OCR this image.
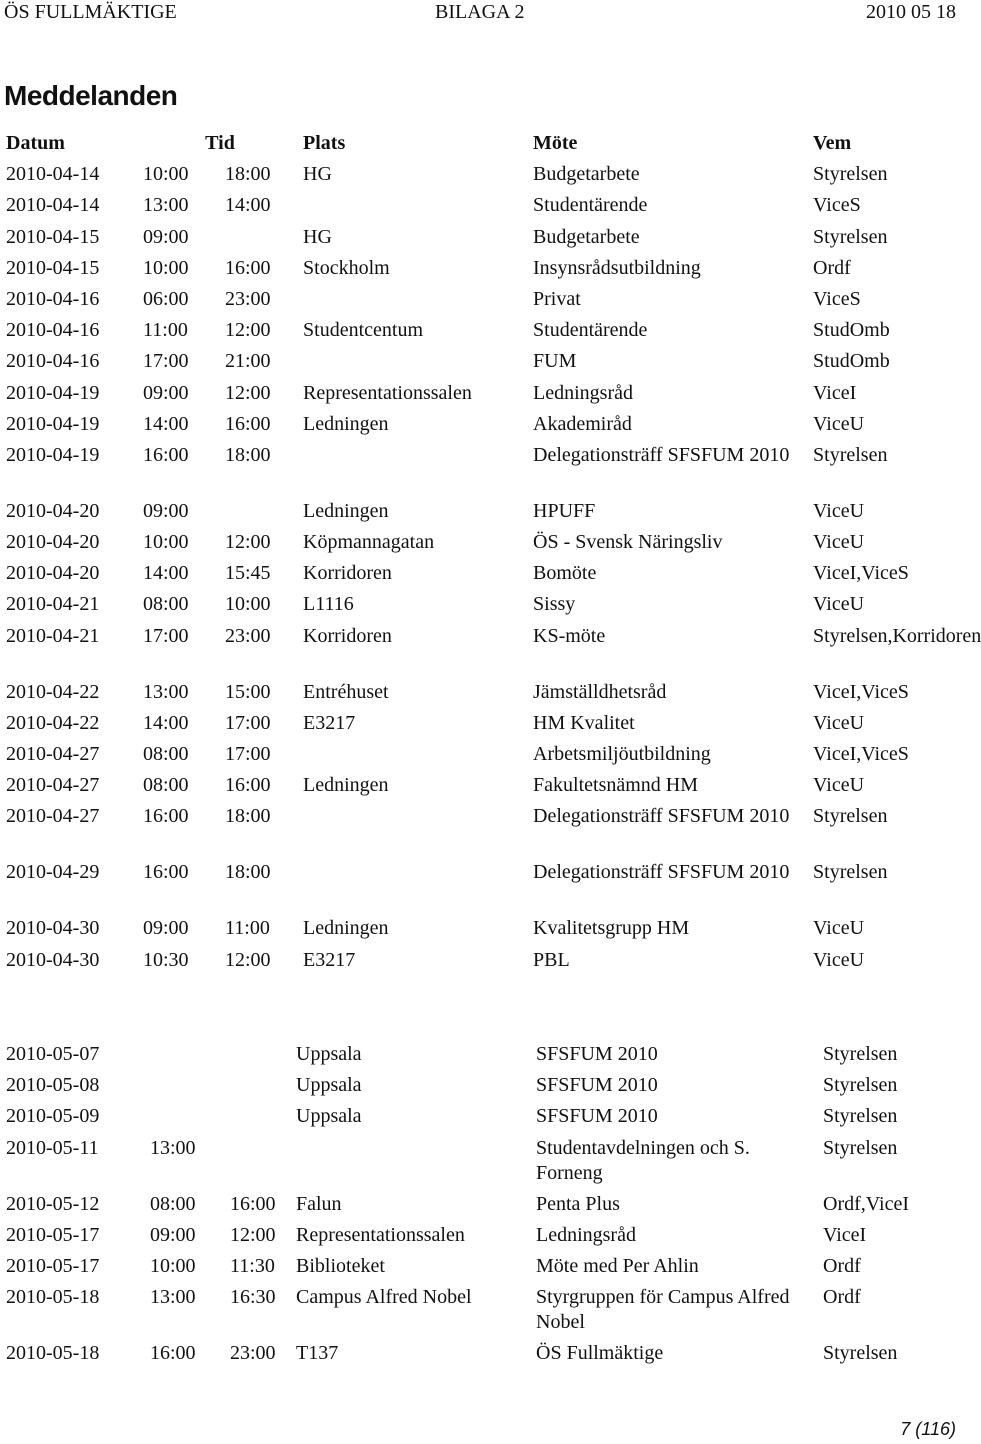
ÖS FULLMÄKTIGE	BILAGA 2	2010 05 18
Meddelanden
Datum	Tid		Plats	Möte	Vem
2010-04-14	10:00	18:00	HG	Budgetarbete	Styrelsen
2010-04-14	13:00	14:00		Studentärende	ViceS
2010-04-15	09:00		HG	Budgetarbete	Styrelsen
2010-04-15	10:00	16:00	Stockholm	Insynsrådsutbildning	Ordf
2010-04-16	06:00	23:00		Privat	ViceS
2010-04-16	11:00	12:00	Studentcentum	Studentärende	StudOmb
2010-04-16	17:00	21:00		FUM	StudOmb
2010-04-19	09:00	12:00	Representationssalen	Ledningsråd	ViceI
2010-04-19	14:00	16:00	Ledningen	Akademiråd	ViceU
2010-04-19	16:00	18:00		Delegationsträff SFSFUM 2010	Styrelsen
2010-04-20	09:00		Ledningen	HPUFF	ViceU
2010-04-20	10:00	12:00	Köpmannagatan	ÖS - Svensk Näringsliv	ViceU
2010-04-20	14:00	15:45	Korridoren	Bomöte	ViceI,ViceS
2010-04-21	08:00	10:00	L1116	Sissy	ViceU
2010-04-21	17:00	23:00	Korridoren	KS-möte	Styrelsen,Korridoren
2010-04-22	13:00	15:00	Entréhuset	Jämställdhetsråd	ViceI,ViceS
2010-04-22	14:00	17:00	E3217	HM Kvalitet	ViceU
2010-04-27	08:00	17:00		Arbetsmiljöutbildning	ViceI,ViceS
2010-04-27	08:00	16:00	Ledningen	Fakultetsnämnd HM	ViceU
2010-04-27	16:00	18:00		Delegationsträff SFSFUM 2010	Styrelsen
2010-04-29	16:00	18:00		Delegationsträff SFSFUM 2010	Styrelsen
2010-04-30	09:00	11:00	Ledningen	Kvalitetsgrupp HM	ViceU
2010-04-30	10:30	12:00	E3217	PBL	ViceU
2010-05-07			Uppsala	SFSFUM 2010	Styrelsen
2010-05-08			Uppsala	SFSFUM 2010	Styrelsen
2010-05-09			Uppsala	SFSFUM 2010	Styrelsen
2010-05-11	13:00			Studentavdelningen och S. Forneng	Styrelsen
2010-05-12	08:00	16:00	Falun	Penta Plus	Ordf,ViceI
2010-05-17	09:00	12:00	Representationssalen	Ledningsråd	ViceI
2010-05-17	10:00	11:30	Biblioteket	Möte med Per Ahlin	Ordf
2010-05-18	13:00	16:30	Campus Alfred Nobel	Styrgruppen för Campus Alfred Nobel	Ordf
2010-05-18	16:00	23:00	T137	ÖS Fullmäktige	Styrelsen
7 (116)
